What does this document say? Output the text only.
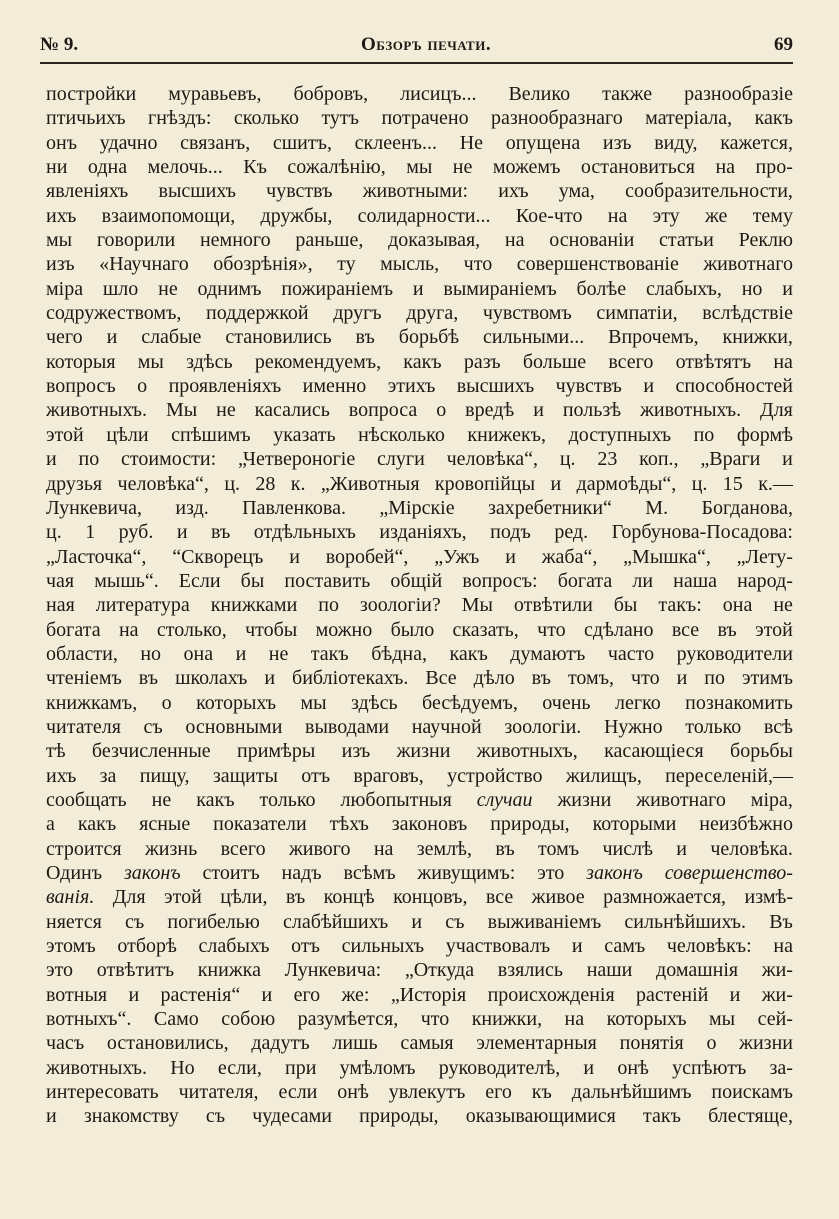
№ 9.	Обзоръ печати.	69
постройки муравьевъ, бобровъ, лисицъ... Велико также разнообразіе
птичьихъ гнѣздъ: сколько тутъ потрачено разнообразнаго матеріала, какъ
онъ удачно связанъ, сшитъ, склеенъ... Не опущена изъ виду, кажется,
ни одна мелочь... Къ сожалѣнію, мы не можемъ остановиться на про-
явленіяхъ высшихъ чувствъ животными: ихъ ума, сообразительности,
ихъ взаимопомощи, дружбы, солидарности... Кое-что на эту же тему
мы говорили немного раньше, доказывая, на основаніи статьи Реклю
изъ «Научнаго обозрѣнія», ту мысль, что совершенствованіе животнаго
міра шло не однимъ пожираніемъ и вымираніемъ болѣе слабыхъ, но и
содружествомъ, поддержкой другъ друга, чувствомъ симпатіи, вслѣдствіе
чего и слабые становились въ борьбѣ сильными... Впрочемъ, книжки,
которыя мы здѣсь рекомендуемъ, какъ разъ больше всего отвѣтятъ на
вопросъ о проявленіяхъ именно этихъ высшихъ чувствъ и способностей
животныхъ. Мы не касались вопроса о вредѣ и пользѣ животныхъ. Для
этой цѣли спѣшимъ указать нѣсколько книжекъ, доступныхъ по формѣ
и по стоимости: „Четвероногіе слуги человѣка“, ц. 23 коп., „Враги и
друзья человѣка“, ц. 28 к. „Животныя кровопійцы и дармоѣды“, ц. 15 к.—
Лункевича, изд. Павленкова. „Мірскіе захребетники“ М. Богданова,
ц. 1 руб. и въ отдѣльныхъ изданіяхъ, подъ ред. Горбунова-Посадова:
„Ласточка“, “Скворецъ и воробей“, „Ужъ и жаба“, „Мышка“, „Лету-
чая мышь“. Если бы поставить общій вопросъ: богата ли наша народ-
ная литература книжками по зоологіи? Мы отвѣтили бы такъ: она не
богата на столько, чтобы можно было сказать, что сдѣлано все въ этой
области, но она и не такъ бѣдна, какъ думаютъ часто руководители
чтеніемъ въ школахъ и библіотекахъ. Все дѣло въ томъ, что и по этимъ
книжкамъ, о которыхъ мы здѣсь бесѣдуемъ, очень легко познакомить
читателя съ основными выводами научной зоологіи. Нужно только всѣ
тѣ безчисленные примѣры изъ жизни животныхъ, касающіеся борьбы
ихъ за пищу, защиты отъ враговъ, устройство жилищъ, переселеній,—
сообщать не какъ только любопытныя случаи жизни животнаго міра,
а какъ ясные показатели тѣхъ законовъ природы, которыми неизбѣжно
строится жизнь всего живого на землѣ, въ томъ числѣ и человѣка.
Одинъ законъ стоитъ надъ всѣмъ живущимъ: это законъ совершенство-
ванія. Для этой цѣли, въ концѣ концовъ, все живое размножается, измѣ-
няется съ погибелью слабѣйшихъ и съ выживаніемъ сильнѣйшихъ. Въ
этомъ отборѣ слабыхъ отъ сильныхъ участвовалъ и самъ человѣкъ: на
это отвѣтитъ книжка Лункевича: „Откуда взялись наши домашнія жи-
вотныя и растенія“ и его же: „Исторія происхожденія растеній и жи-
вотныхъ“. Само собою разумѣется, что книжки, на которыхъ мы сей-
часъ остановились, дадутъ лишь самыя элементарныя понятія о жизни
животныхъ. Но если, при умѣломъ руководителѣ, и онѣ успѣютъ за-
интересовать читателя, если онѣ увлекутъ его къ дальнѣйшимъ поискамъ
и знакомству съ чудесами природы, оказывающимися такъ блестяще,
